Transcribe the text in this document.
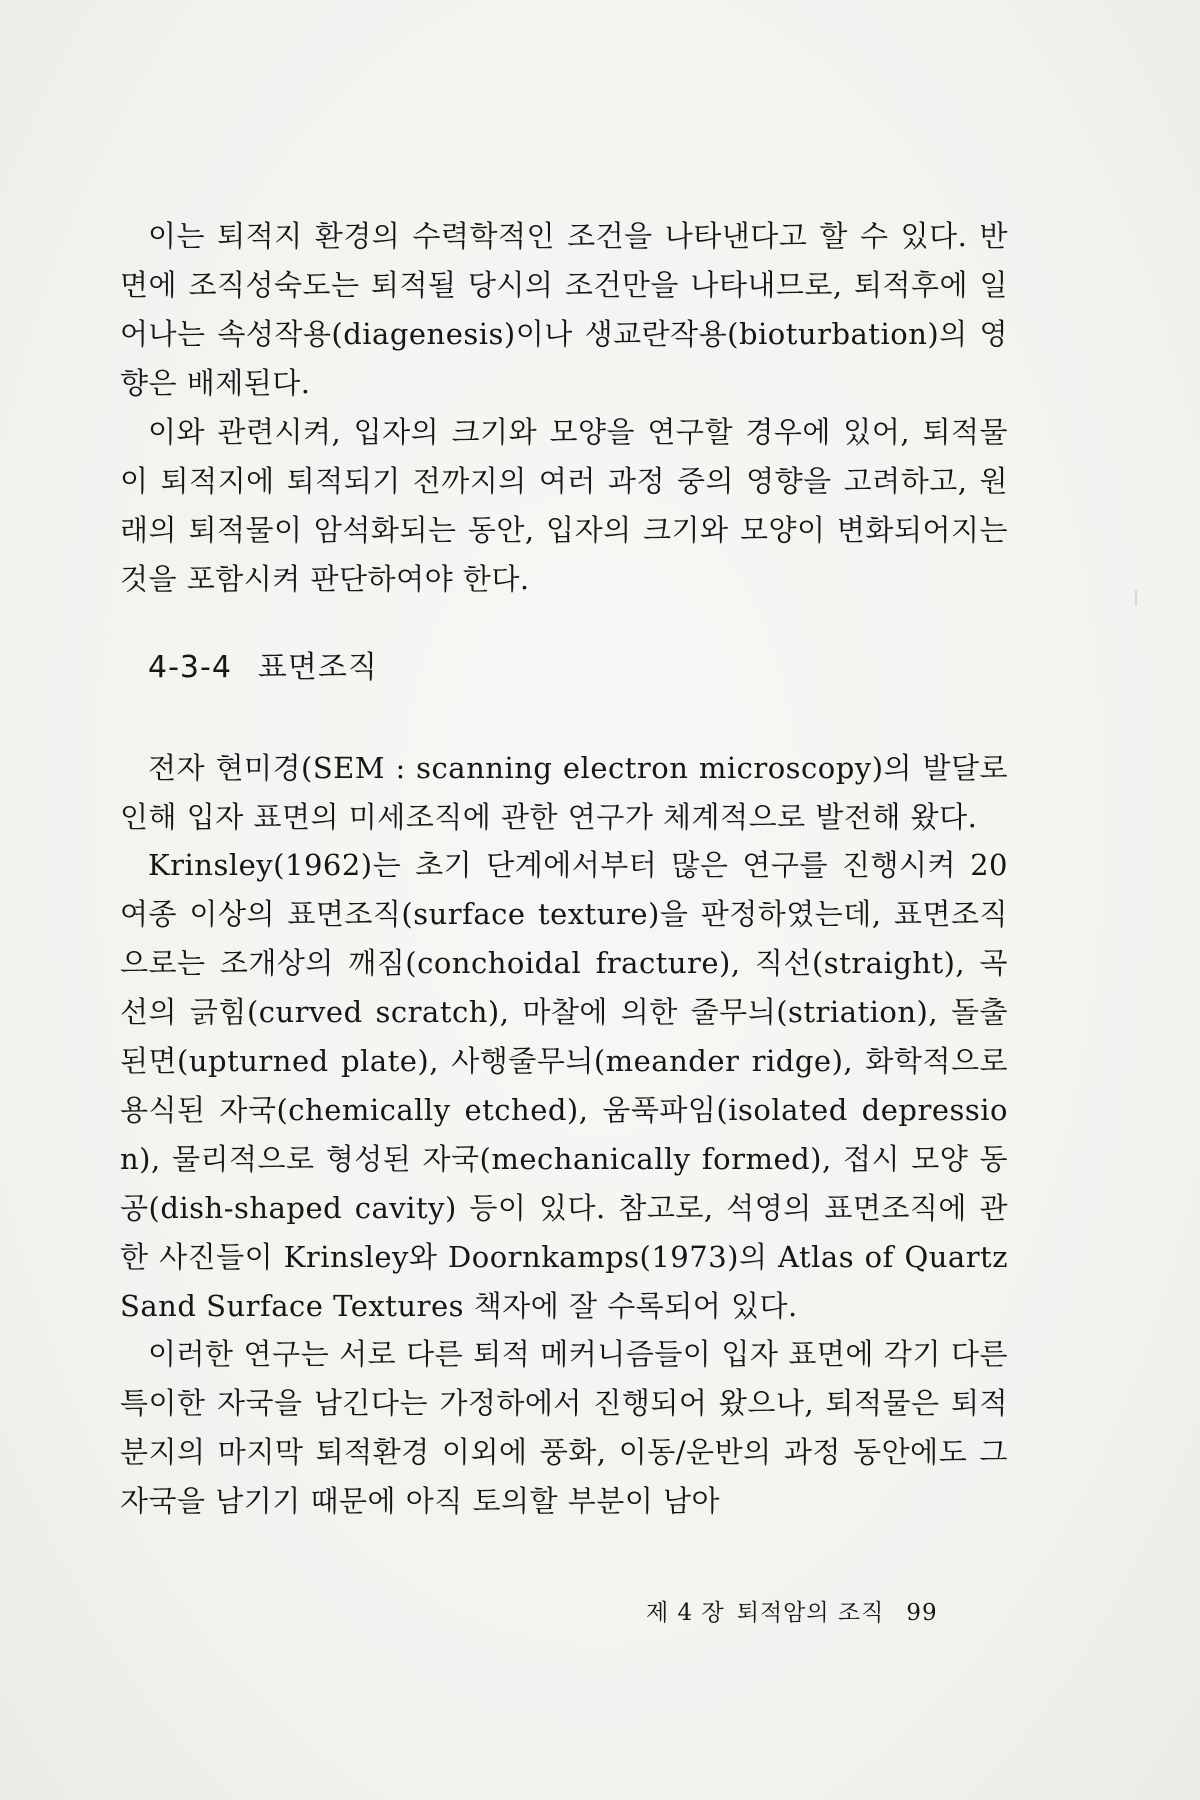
이는 퇴적지 환경의 수력학적인 조건을 나타낸다고 할 수 있다. 반면에 조직성숙도는 퇴적될 당시의 조건만을 나타내므로, 퇴적후에 일어나는 속성작용(diagenesis)이나 생교란작용(bioturbation)의 영향은 배제된다.

이와 관련시켜, 입자의 크기와 모양을 연구할 경우에 있어, 퇴적물이 퇴적지에 퇴적되기 전까지의 여러 과정 중의 영향을 고려하고, 원래의 퇴적물이 암석화되는 동안, 입자의 크기와 모양이 변화되어지는 것을 포함시켜 판단하여야 한다.

4-3-4 표면조직

전자 현미경(SEM : scanning electron microscopy)의 발달로 인해 입자 표면의 미세조직에 관한 연구가 체계적으로 발전해 왔다.

Krinsley(1962)는 초기 단계에서부터 많은 연구를 진행시켜 20여종 이상의 표면조직(surface texture)을 판정하였는데, 표면조직으로는 조개상의 깨짐(conchoidal fracture), 직선(straight), 곡선의 긁힘(curved scratch), 마찰에 의한 줄무늬(striation), 돌출된면(upturned plate), 사행줄무늬(meander ridge), 화학적으로 용식된 자국(chemically etched), 움푹파임(isolated depression), 물리적으로 형성된 자국(mechanically formed), 접시 모양 동공(dish-shaped cavity) 등이 있다. 참고로, 석영의 표면조직에 관한 사진들이 Krinsley와 Doornkamps(1973)의 Atlas of Quartz Sand Surface Textures 책자에 잘 수록되어 있다.

이러한 연구는 서로 다른 퇴적 메커니즘들이 입자 표면에 각기 다른 특이한 자국을 남긴다는 가정하에서 진행되어 왔으나, 퇴적물은 퇴적분지의 마지막 퇴적환경 이외에 풍화, 이동/운반의 과정 동안에도 그 자국을 남기기 때문에 아직 토의할 부분이 남아

제 4 장 퇴적암의 조직 99
